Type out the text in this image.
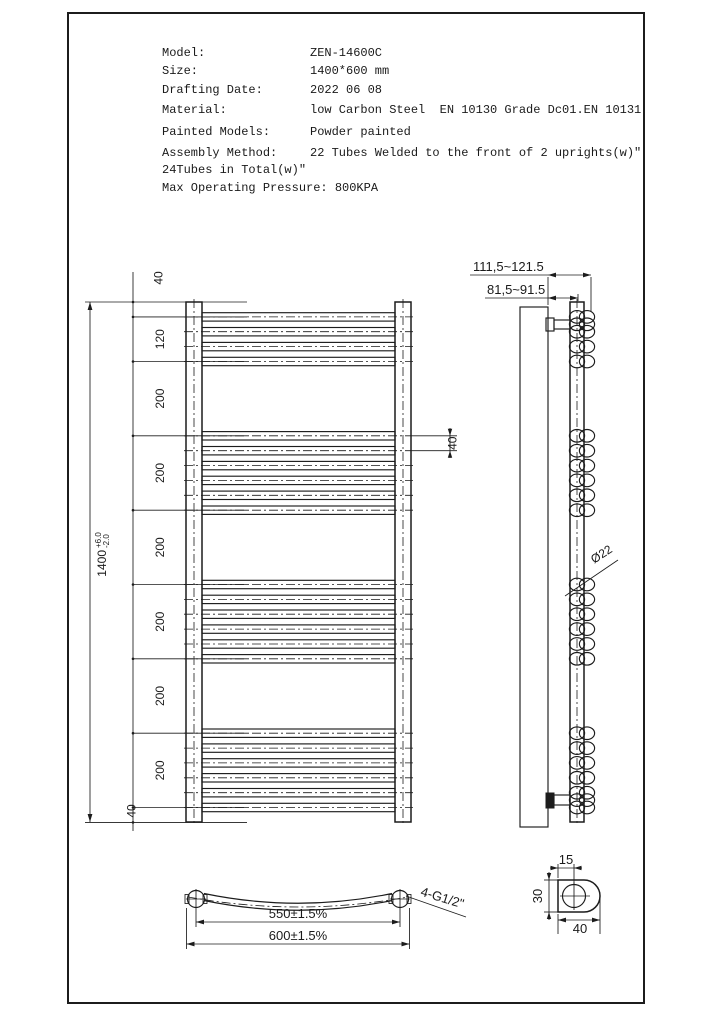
Model:	ZEN-14600C
Size:	1400*600 mm
Drafting Date:	2022 06 08
Material:	low Carbon Steel  EN 10130 Grade Dc01.EN 10131
Painted Models:	Powder painted
Assembly Method:	22 Tubes Welded to the front of 2 uprights(w)"
24Tubes in Total(w)"
Max Operating Pressure: 800KPA
40
120
200
200
200
200
200
200
40
1400
+6.0 -2.0
40
111,5~121.5
81,5~91.5
Ø22
550±1.5%
600±1.5%
4-G1/2"
15
30
40
